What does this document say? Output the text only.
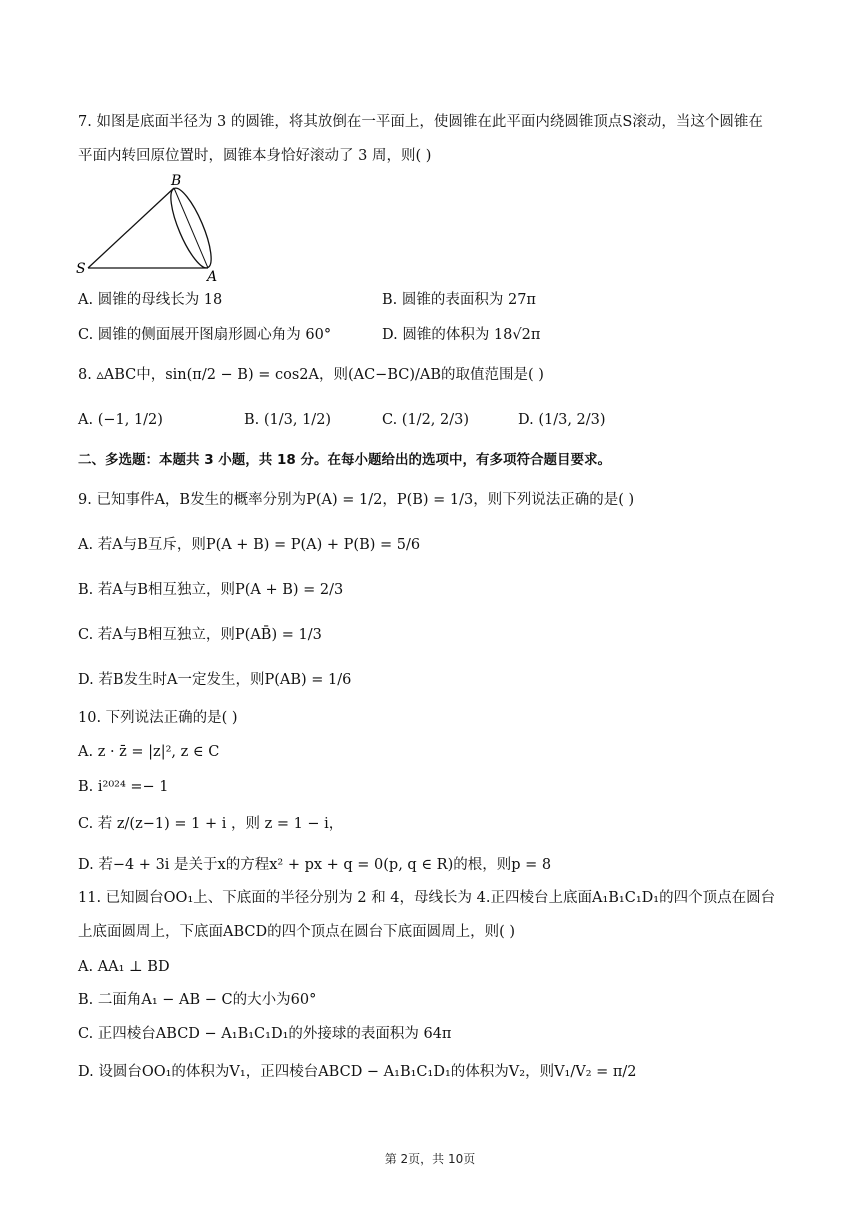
7. 如图是底面半径为 3 的圆锥，将其放倒在一平面上，使圆锥在此平面内绕圆锥顶点S滚动，当这个圆锥在
平面内转回原位置时，圆锥本身恰好滚动了 3 周，则( )
B
S	A
A. 圆锥的母线长为 18	B. 圆锥的表面积为 27π
C. 圆锥的侧面展开图扇形圆心角为 60°	D. 圆锥的体积为 18√2π
8. ▵ABC中，sin(π/2 − B) = cos2A，则(AC−BC)/AB的取值范围是( )
A. (−1, 1/2)	B. (1/3, 1/2)	C. (1/2, 2/3)	D. (1/3, 2/3)
二、多选题：本题共 3 小题，共 18 分。在每小题给出的选项中，有多项符合题目要求。
9. 已知事件A，B发生的概率分别为P(A) = 1/2，P(B) = 1/3，则下列说法正确的是( )
A. 若A与B互斥，则P(A + B) = P(A) + P(B) = 5/6
B. 若A与B相互独立，则P(A + B) = 2/3
C. 若A与B相互独立，则P(AB̄) = 1/3
D. 若B发生时A一定发生，则P(AB) = 1/6
10. 下列说法正确的是( )
A. z · z̄ = |z|², z ∈ C
B. i²⁰²⁴ =− 1
C. 若 z/(z−1) = 1 + i ，则 z = 1 − i，
D. 若−4 + 3i 是关于x的方程x² + px + q = 0(p, q ∈ R)的根，则p = 8
11. 已知圆台OO₁上、下底面的半径分别为 2 和 4，母线长为 4.正四棱台上底面A₁B₁C₁D₁的四个顶点在圆台
上底面圆周上，下底面ABCD的四个顶点在圆台下底面圆周上，则( )
A. AA₁ ⊥ BD
B. 二面角A₁ − AB − C的大小为60°
C. 正四棱台ABCD − A₁B₁C₁D₁的外接球的表面积为 64π
D. 设圆台OO₁的体积为V₁，正四棱台ABCD − A₁B₁C₁D₁的体积为V₂，则V₁/V₂ = π/2
第 2页，共 10页
